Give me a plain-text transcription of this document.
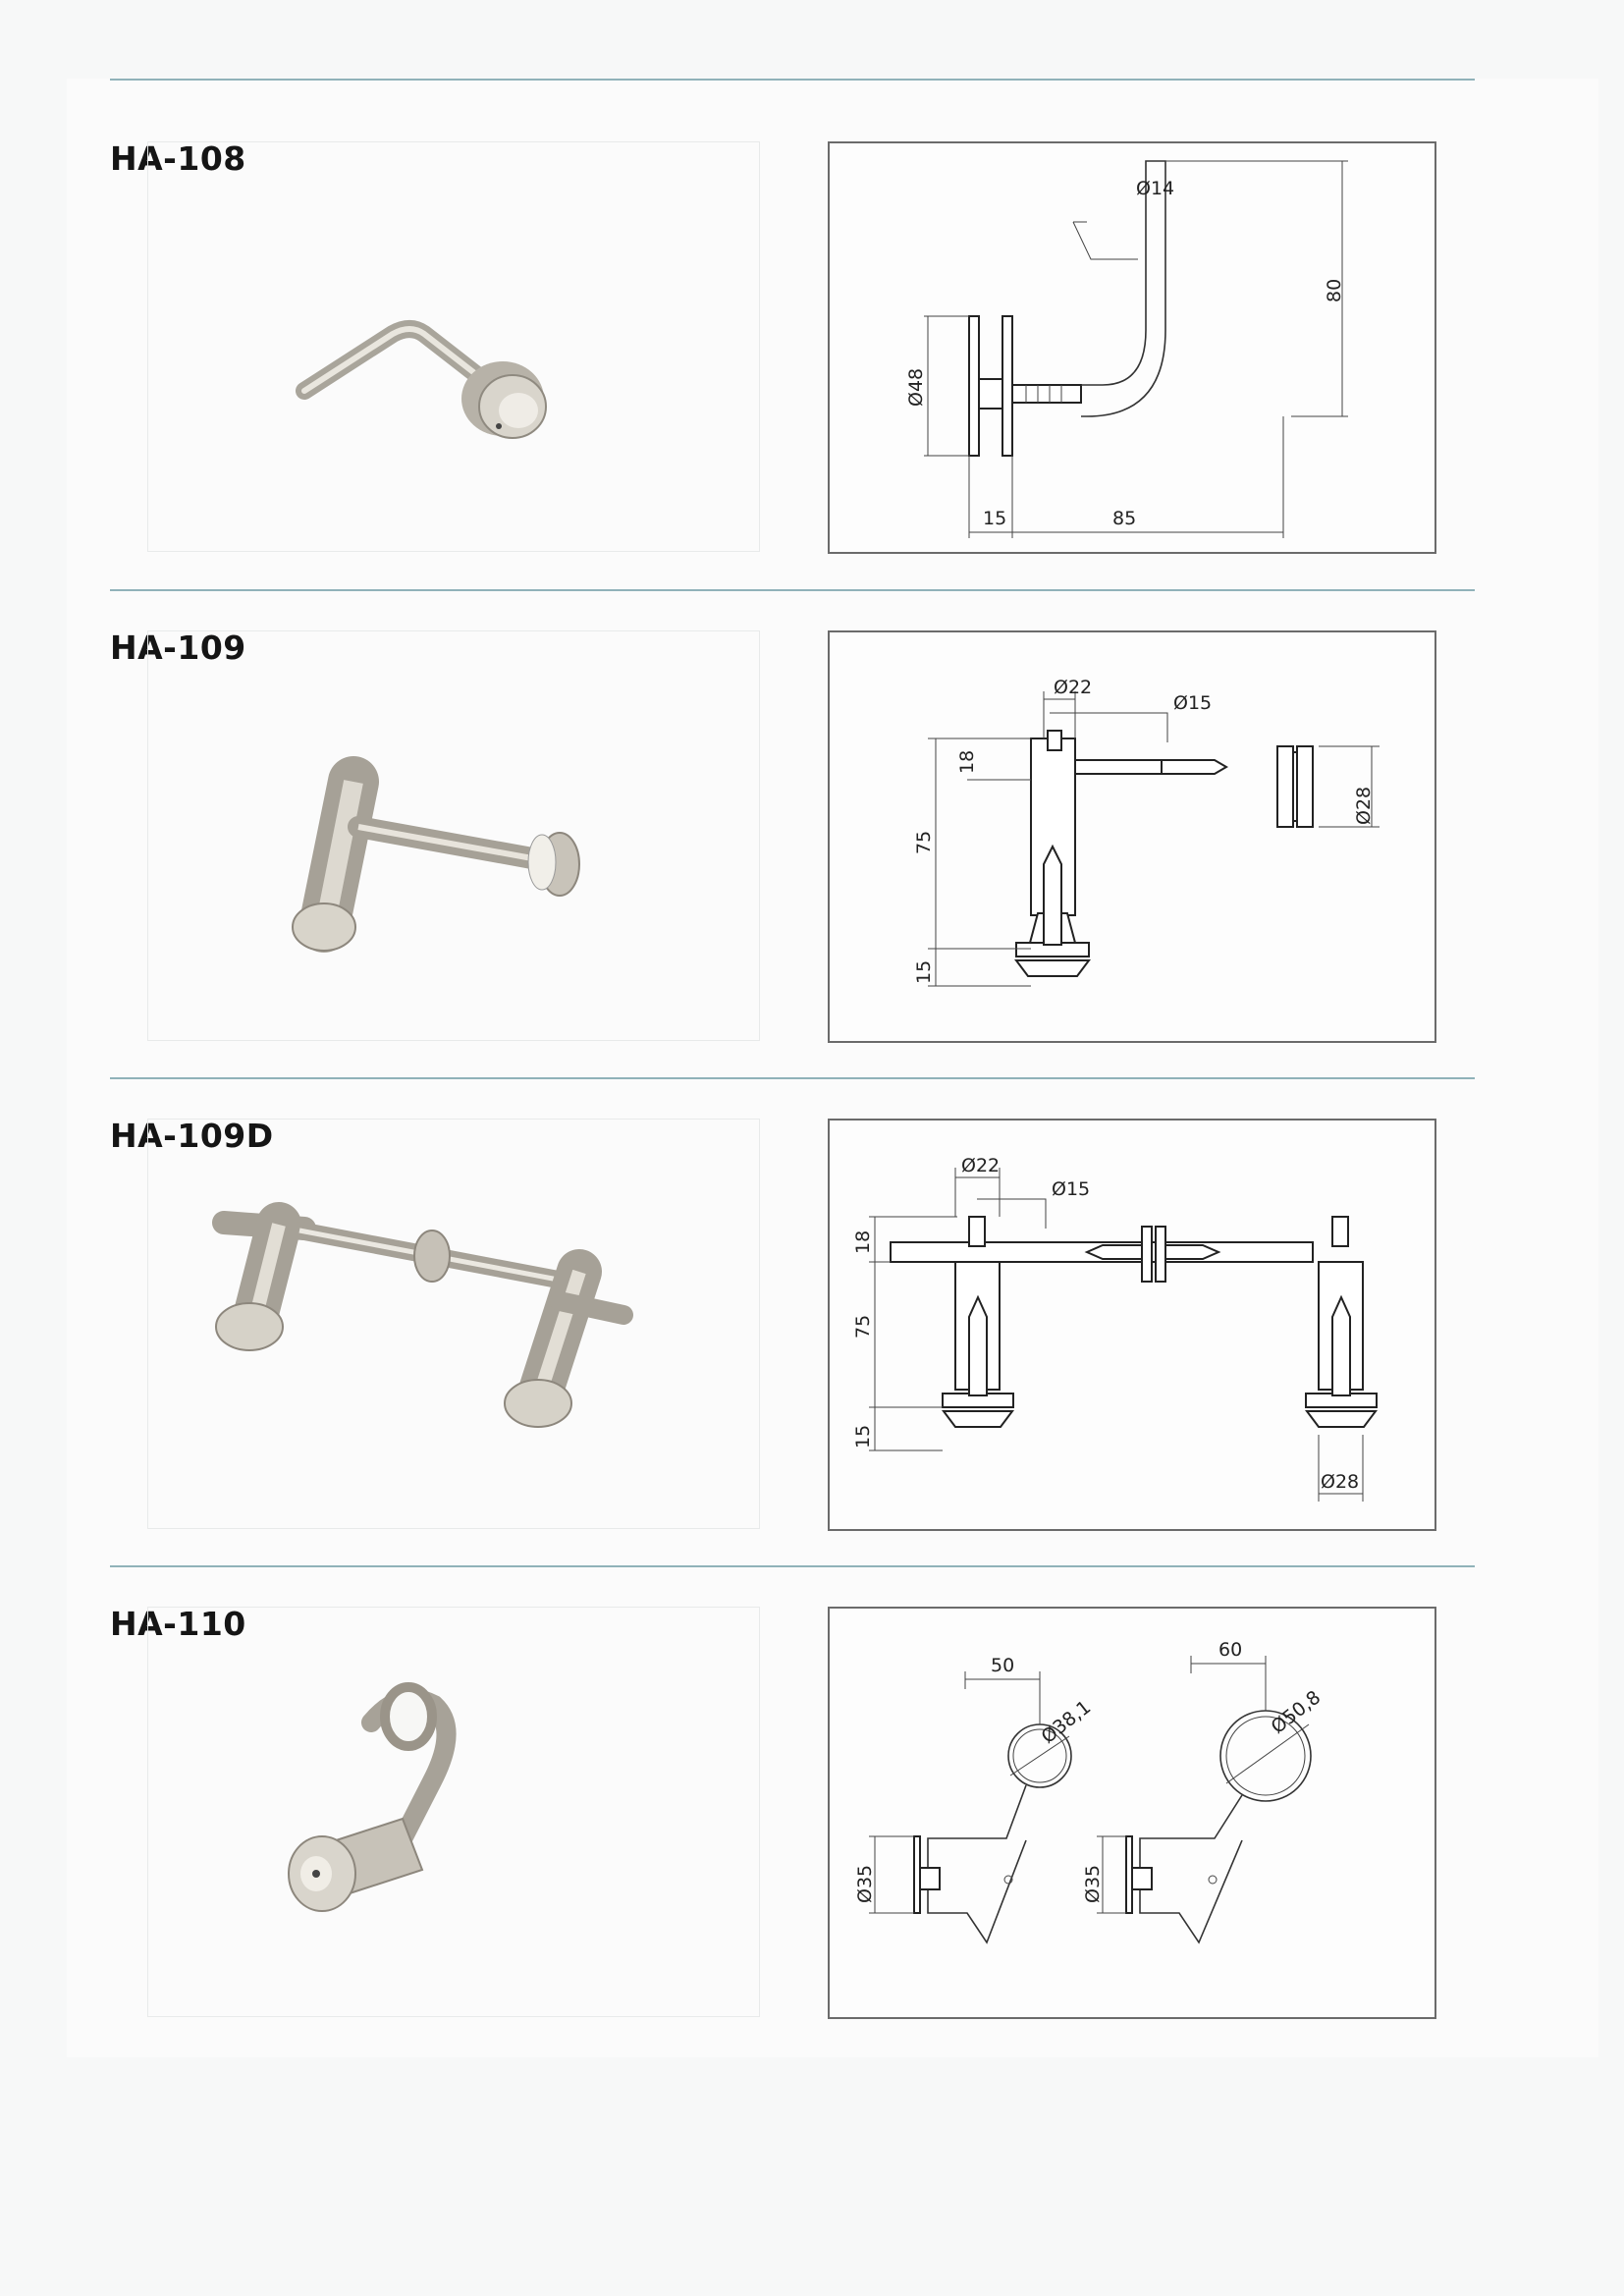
HA-108
Ø48
15	85
80
Ø14
HA-109
Ø22
Ø15
18
75
15
Ø28
HA-109D
Ø22
Ø15
18
75
15
Ø28
HA-110
50
Ø38,1
60
Ø50,8
Ø35	Ø35
